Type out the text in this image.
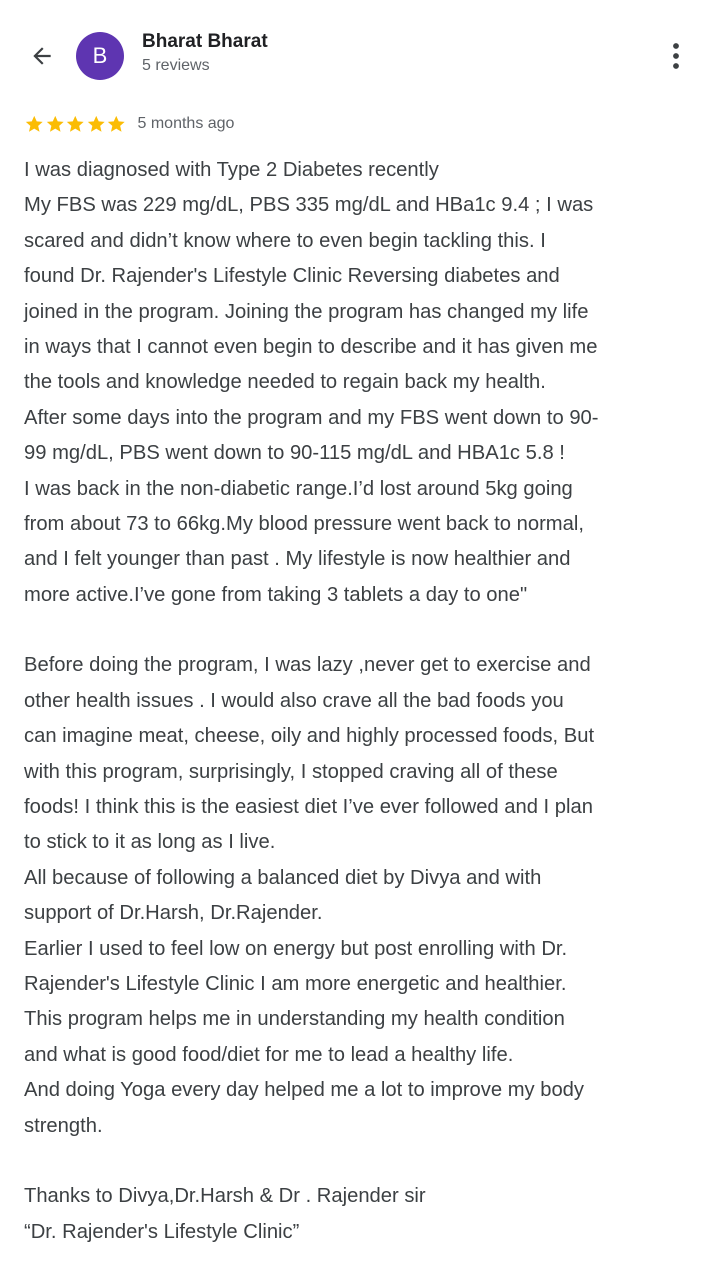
B
Bharat Bharat
5 reviews
5 months ago
I was diagnosed with Type 2 Diabetes recently
My FBS was 229 mg/dL, PBS 335 mg/dL and HBa1c 9.4 ; I was
scared and didn’t know where to even begin tackling this. I
found Dr. Rajender's Lifestyle Clinic Reversing diabetes and
joined in the program. Joining the program has changed my life
in ways that I cannot even begin to describe and it has given me
the tools and knowledge needed to regain back my health.
After some days into the program and my FBS went down to 90-
99 mg/dL, PBS went down to 90-115 mg/dL and HBA1c 5.8 !
I was back in the non-diabetic range.I’d lost around 5kg going
from about 73 to 66kg.My blood pressure went back to normal,
and I felt younger than past . My lifestyle is now healthier and
more active.I’ve gone from taking 3 tablets a day to one"
Before doing the program, I was lazy ,never get to exercise and
other health issues . I would also crave all the bad foods you
can imagine meat, cheese, oily and highly processed foods, But
with this program, surprisingly, I stopped craving all of these
foods! I think this is the easiest diet I’ve ever followed and I plan
to stick to it as long as I live.
All because of following a balanced diet by Divya and with
support of Dr.Harsh, Dr.Rajender.
Earlier I used to feel low on energy but post enrolling with Dr.
Rajender's Lifestyle Clinic I am more energetic and healthier.
This program helps me in understanding my health condition
and what is good food/diet for me to lead a healthy life.
And doing Yoga every day helped me a lot to improve my body
strength.
Thanks to Divya,Dr.Harsh & Dr . Rajender sir
“Dr. Rajender's Lifestyle Clinic”
